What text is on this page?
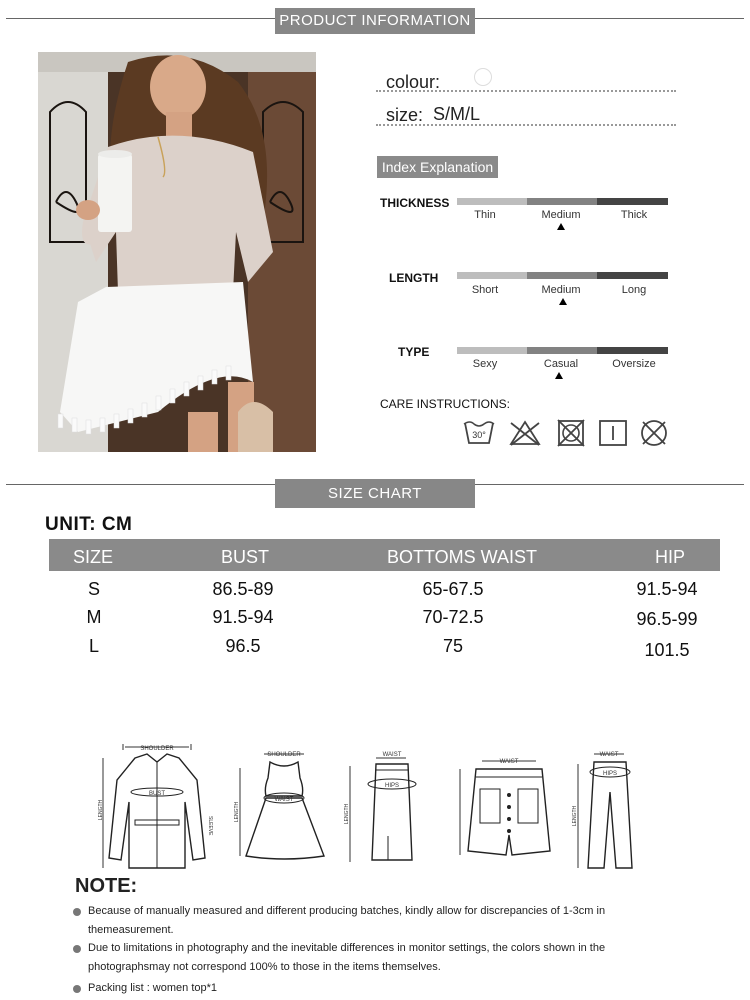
PRODUCT INFORMATION
colour:
size: S/M/L
Index Explanation
THICKNESS
Thin	Medium	Thick
LENGTH
Short	Medium	Long
TYPE
Sexy	Casual	Oversize
CARE INSTRUCTIONS:
30°
SIZE CHART
UNIT: CM
SIZE	BUST	BOTTOMS WAIST	HIP
S	86.5-89	65-67.5	91.5-94
M	91.5-94	70-72.5	96.5-99
L	96.5	75	101.5
SHOULDER
LENGTH
BUST
SLEEVE
SHOULDER
LENGTH
WAIST
WAIST
LENGTH
HIPS
WAIST
WAIST
LENGTH
HIPS
NOTE:

Because of manually measured and different producing batches, kindly allow for discrepancies of 1-3cm in themeasurement.

Due to limitations in photography and the inevitable differences in monitor settings, the colors shown in the photographsmay not correspond 100% to those in the items themselves.

Packing list : women top*1
